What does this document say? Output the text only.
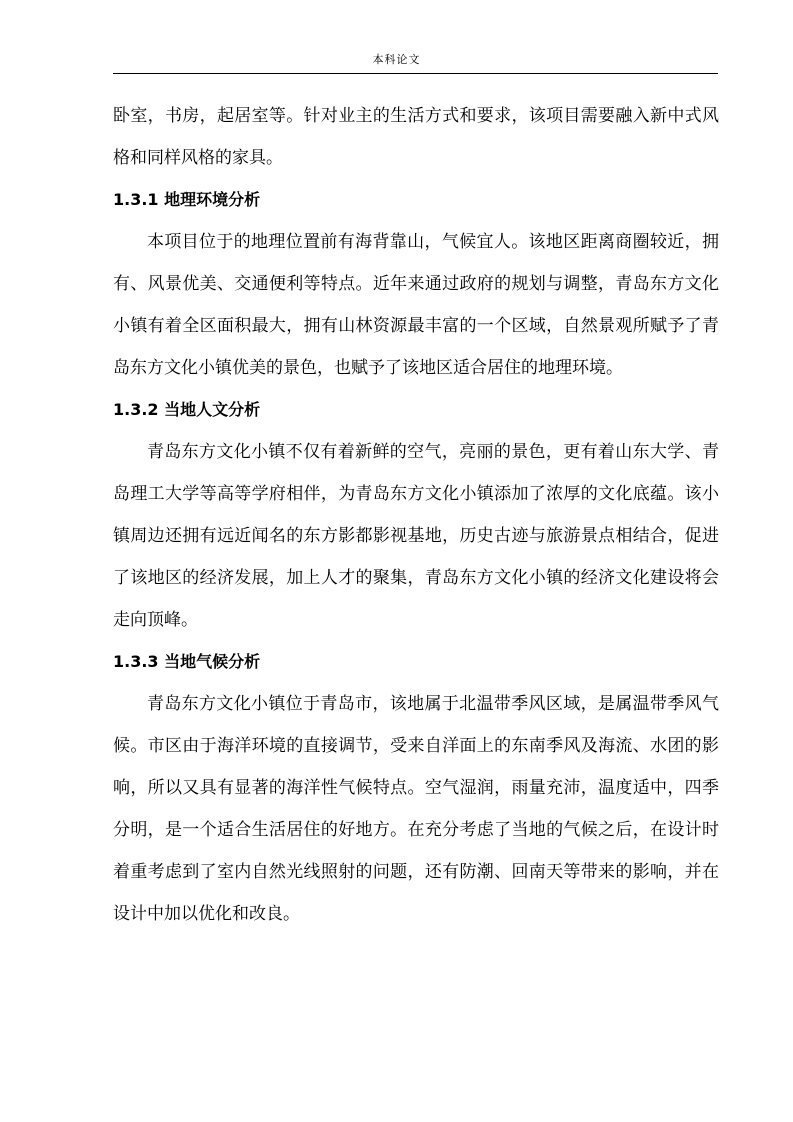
本科论文

卧室，书房，起居室等。针对业主的生活方式和要求，该项目需要融入新中式风格和同样风格的家具。

1.3.1 地理环境分析

本项目位于的地理位置前有海背靠山，气候宜人。该地区距离商圈较近，拥有、风景优美、交通便利等特点。近年来通过政府的规划与调整，青岛东方文化小镇有着全区面积最大，拥有山林资源最丰富的一个区域，自然景观所赋予了青岛东方文化小镇优美的景色，也赋予了该地区适合居住的地理环境。

1.3.2 当地人文分析

青岛东方文化小镇不仅有着新鲜的空气，亮丽的景色，更有着山东大学、青岛理工大学等高等学府相伴，为青岛东方文化小镇添加了浓厚的文化底蕴。该小镇周边还拥有远近闻名的东方影都影视基地，历史古迹与旅游景点相结合，促进了该地区的经济发展，加上人才的聚集，青岛东方文化小镇的经济文化建设将会走向顶峰。

1.3.3 当地气候分析

青岛东方文化小镇位于青岛市，该地属于北温带季风区域，是属温带季风气候。市区由于海洋环境的直接调节，受来自洋面上的东南季风及海流、水团的影响，所以又具有显著的海洋性气候特点。空气湿润，雨量充沛，温度适中，四季分明，是一个适合生活居住的好地方。在充分考虑了当地的气候之后，在设计时着重考虑到了室内自然光线照射的问题，还有防潮、回南天等带来的影响，并在设计中加以优化和改良。
